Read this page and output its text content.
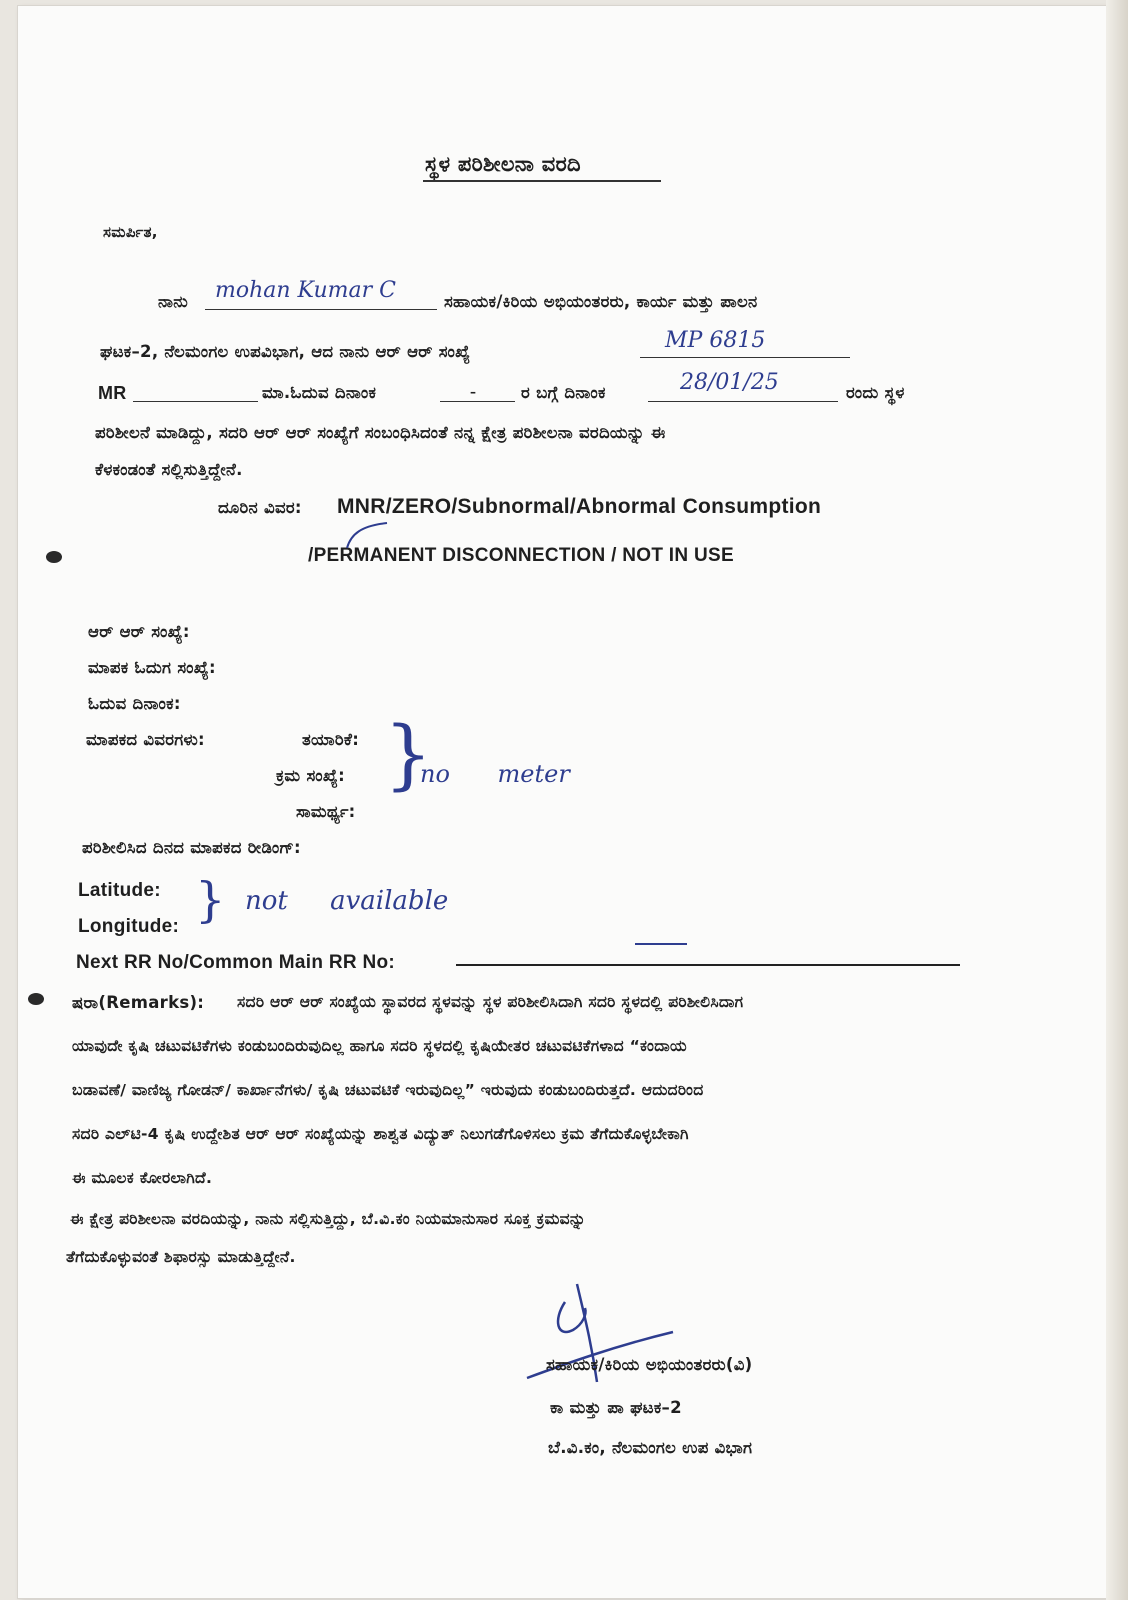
ಸ್ಥಳ ಪರಿಶೀಲನಾ ವರದಿ
ಸಮರ್ಪಿತ,
ನಾನು mohan Kumar C	ಸಹಾಯಕ/ಕಿರಿಯ ಅಭಿಯಂತರರು, ಕಾರ್ಯ ಮತ್ತು ಪಾಲನ
ಘಟಕ–2, ನೆಲಮಂಗಲ ಉಪವಿಭಾಗ, ಆದ ನಾನು ಆರ್ ಆರ್ ಸಂಖ್ಯೆ	MP 6815
MR	ಮಾ.ಓದುವ ದಿನಾಂಕ	–	ರ ಬಗ್ಗೆ ದಿನಾಂಕ	28/01/25	ರಂದು ಸ್ಥಳ
ಪರಿಶೀಲನೆ ಮಾಡಿದ್ದು, ಸದರಿ ಆರ್ ಆರ್ ಸಂಖ್ಯೆಗೆ ಸಂಬಂಧಿಸಿದಂತೆ ನನ್ನ ಕ್ಷೇತ್ರ ಪರಿಶೀಲನಾ ವರದಿಯನ್ನು ಈ
ಕೆಳಕಂಡಂತೆ ಸಲ್ಲಿಸುತ್ತಿದ್ದೇನೆ.
ದೂರಿನ ವಿವರ: MNR/ZERO/Subnormal/Abnormal Consumption
/PERMANENT DISCONNECTION / NOT IN USE
ಆರ್ ಆರ್ ಸಂಖ್ಯೆ:
ಮಾಪಕ ಓದುಗ ಸಂಖ್ಯೆ:
ಓದುವ ದಿನಾಂಕ:
ಮಾಪಕದ ವಿವರಗಳು:	ತಯಾರಿಕೆ:
ಕ್ರಮ ಸಂಖ್ಯೆ:
ಸಾಮರ್ಥ್ಯ:
}
no meter
ಪರಿಶೀಲಿಸಿದ ದಿನದ ಮಾಪಕದ ರೀಡಿಂಗ್:
Latitude:
Longitude: } not available
Next RR No/Common Main RR No:
ಷರಾ(Remarks): ಸದರಿ ಆರ್ ಆರ್ ಸಂಖ್ಯೆಯ ಸ್ಥಾವರದ ಸ್ಥಳವನ್ನು ಸ್ಥಳ ಪರಿಶೀಲಿಸಿದಾಗಿ ಸದರಿ ಸ್ಥಳದಲ್ಲಿ ಪರಿಶೀಲಿಸಿದಾಗ
ಯಾವುದೇ ಕೃಷಿ ಚಟುವಟಿಕೆಗಳು ಕಂಡುಬಂದಿರುವುದಿಲ್ಲ ಹಾಗೂ ಸದರಿ ಸ್ಥಳದಲ್ಲಿ ಕೃಷಿಯೇತರ ಚಟುವಟಿಕೆಗಳಾದ “ಕಂದಾಯ
ಬಡಾವಣೆ/ ವಾಣಿಜ್ಯ ಗೋಡನ್/ ಕಾರ್ಖಾನೆಗಳು/ ಕೃಷಿ ಚಟುವಟಿಕೆ ಇರುವುದಿಲ್ಲ” ಇರುವುದು ಕಂಡುಬಂದಿರುತ್ತದೆ. ಆದುದರಿಂದ
ಸದರಿ ಎಲ್‌ಟಿ-4 ಕೃಷಿ ಉದ್ದೇಶಿತ ಆರ್ ಆರ್ ಸಂಖ್ಯೆಯನ್ನು ಶಾಶ್ವತ ವಿದ್ಯುತ್ ನಿಲುಗಡೆಗೊಳಿಸಲು ಕ್ರಮ ತೆಗೆದುಕೊಳ್ಳಬೇಕಾಗಿ
ಈ ಮೂಲಕ ಕೋರಲಾಗಿದೆ.
ಈ ಕ್ಷೇತ್ರ ಪರಿಶೀಲನಾ ವರದಿಯನ್ನು, ನಾನು ಸಲ್ಲಿಸುತ್ತಿದ್ದು, ಬೆ.ವಿ.ಕಂ ನಿಯಮಾನುಸಾರ ಸೂಕ್ತ ಕ್ರಮವನ್ನು
ತೆಗೆದುಕೊಳ್ಳುವಂತೆ ಶಿಫಾರಸ್ಸು ಮಾಡುತ್ತಿದ್ದೇನೆ.
ಸಹಾಯಕ/ಕಿರಿಯ ಅಭಿಯಂತರರು(ವಿ)
ಕಾ ಮತ್ತು ಪಾ ಘಟಕ–2
ಬೆ.ವಿ.ಕಂ, ನೆಲಮಂಗಲ ಉಪ ವಿಭಾಗ
